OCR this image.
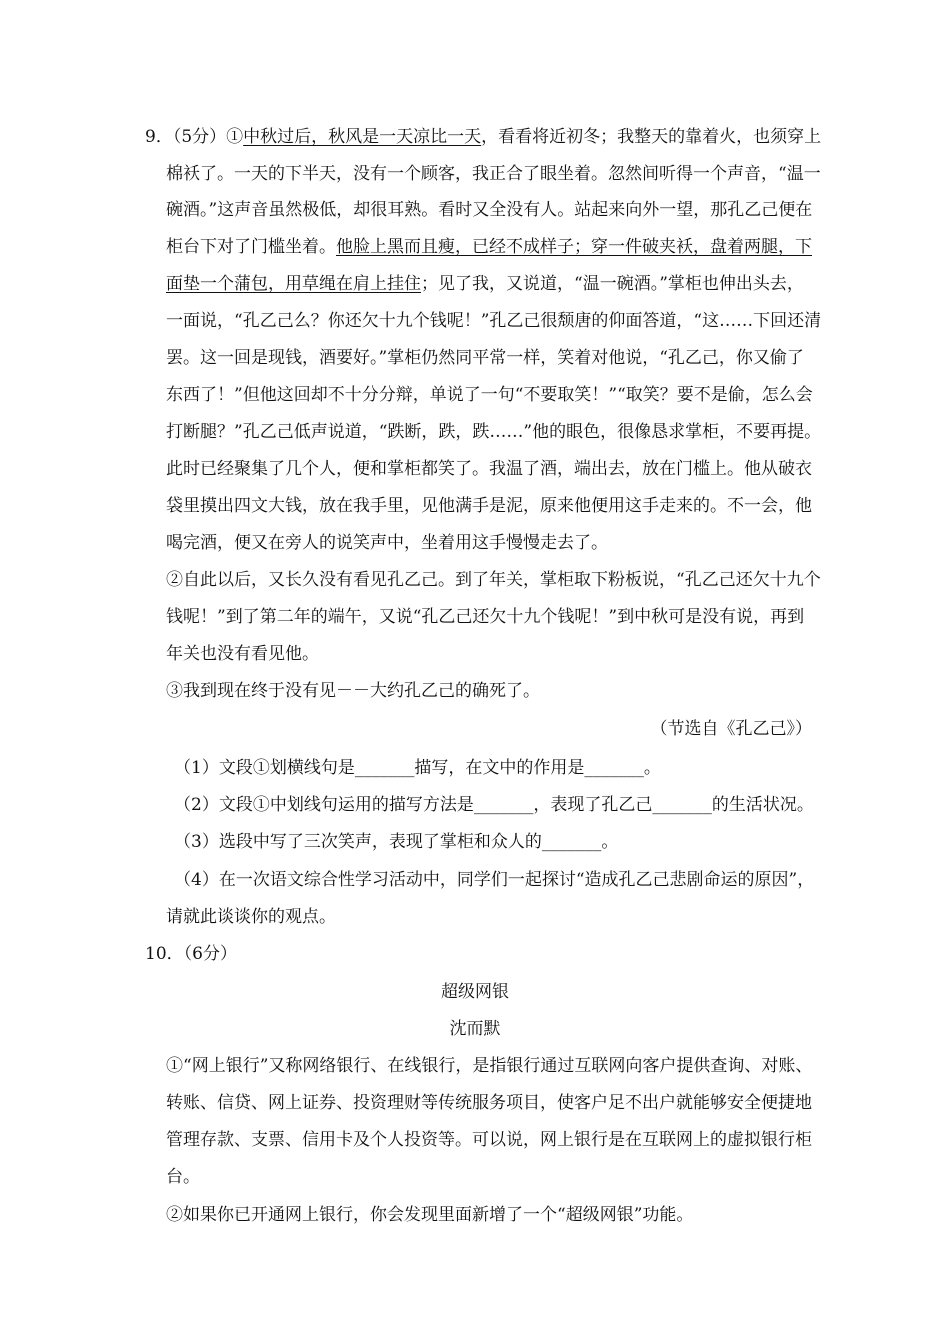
9．（5分）①中秋过后，秋风是一天凉比一天，看看将近初冬；我整天的靠着火，也须穿上
棉袄了。一天的下半天，没有一个顾客，我正合了眼坐着。忽然间听得一个声音，“温一
碗酒。”这声音虽然极低，却很耳熟。看时又全没有人。站起来向外一望，那孔乙己便在
柜台下对了门槛坐着。他脸上黑而且瘦，已经不成样子；穿一件破夹袄，盘着两腿，下
面垫一个蒲包，用草绳在肩上挂住；见了我，又说道，“温一碗酒。”掌柜也伸出头去，
一面说，“孔乙己么？你还欠十九个钱呢！”孔乙己很颓唐的仰面答道，“这……下回还清
罢。这一回是现钱，酒要好。”掌柜仍然同平常一样，笑着对他说，“孔乙己，你又偷了
东西了！”但他这回却不十分分辩，单说了一句“不要取笑！”“取笑？要不是偷，怎么会
打断腿？”孔乙己低声说道，“跌断，跌，跌……”他的眼色，很像恳求掌柜，不要再提。
此时已经聚集了几个人，便和掌柜都笑了。我温了酒，端出去，放在门槛上。他从破衣
袋里摸出四文大钱，放在我手里，见他满手是泥，原来他便用这手走来的。不一会，他
喝完酒，便又在旁人的说笑声中，坐着用这手慢慢走去了。
②自此以后，又长久没有看见孔乙己。到了年关，掌柜取下粉板说，“孔乙己还欠十九个
钱呢！”到了第二年的端午，又说“孔乙己还欠十九个钱呢！”到中秋可是没有说，再到
年关也没有看见他。
③我到现在终于没有见－－大约孔乙己的确死了。
（节选自《孔乙己》）
（1）文段①划横线句是_______描写，在文中的作用是_______。
（2）文段①中划线句运用的描写方法是_______，表现了孔乙己_______的生活状况。
（3）选段中写了三次笑声，表现了掌柜和众人的_______。
（4）在一次语文综合性学习活动中，同学们一起探讨“造成孔乙己悲剧命运的原因”，
请就此谈谈你的观点。
10．（6分）
超级网银
沈而默
①“网上银行”又称网络银行、在线银行，是指银行通过互联网向客户提供查询、对账、
转账、信贷、网上证券、投资理财等传统服务项目，使客户足不出户就能够安全便捷地
管理存款、支票、信用卡及个人投资等。可以说，网上银行是在互联网上的虚拟银行柜
台。
②如果你已开通网上银行，你会发现里面新增了一个“超级网银”功能。
